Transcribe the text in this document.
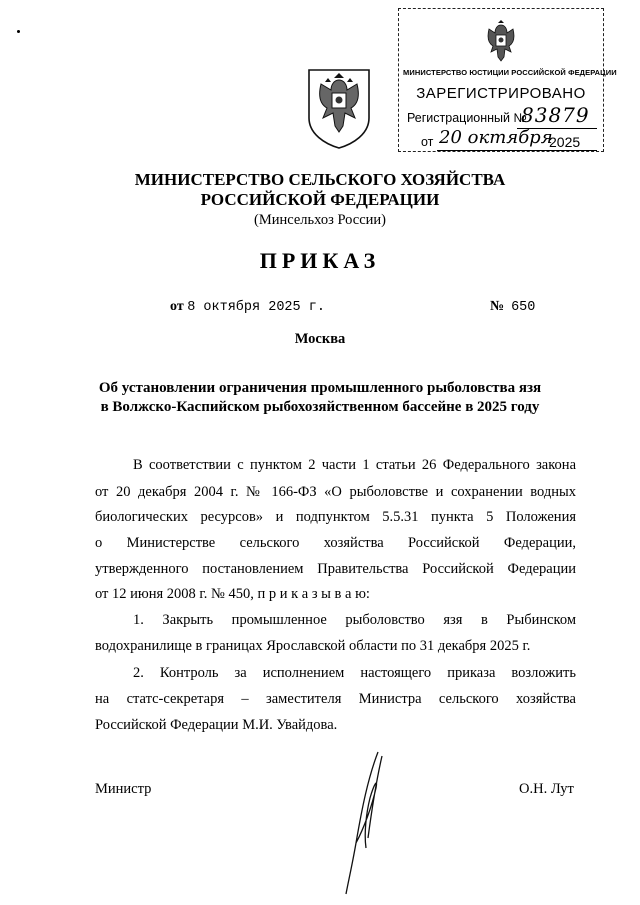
МИНИСТЕРСТВО ЮСТИЦИИ РОССИЙСКОЙ ФЕДЕРАЦИИ
ЗАРЕГИСТРИРОВАНО
Регистрационный №
83879
от 20 октября
2025
МИНИСТЕРСТВО СЕЛЬСКОГО ХОЗЯЙСТВА
РОССИЙСКОЙ ФЕДЕРАЦИИ
(Минсельхоз России)
ПРИКАЗ
от 8 октября 2025 г.	№ 650
Москва
Об установлении ограничения промышленного рыболовства язя
в Волжско-Каспийском рыбохозяйственном бассейне в 2025 году
В соответствии с пунктом 2 части 1 статьи 26 Федерального закона
от 20 декабря 2004 г. № 166-ФЗ «О рыболовстве и сохранении водных
биологических ресурсов» и подпунктом 5.5.31 пункта 5 Положения
о Министерстве сельского хозяйства Российской Федерации,
утвержденного постановлением Правительства Российской Федерации
от 12 июня 2008 г. № 450, п р и к а з ы в а ю:
1. Закрыть промышленное рыболовство язя в Рыбинском
водохранилище в границах Ярославской области по 31 декабря 2025 г.
2. Контроль за исполнением настоящего приказа возложить
на статс-секретаря – заместителя Министра сельского хозяйства
Российской Федерации М.И. Увайдова.
Министр	О.Н. Лут
